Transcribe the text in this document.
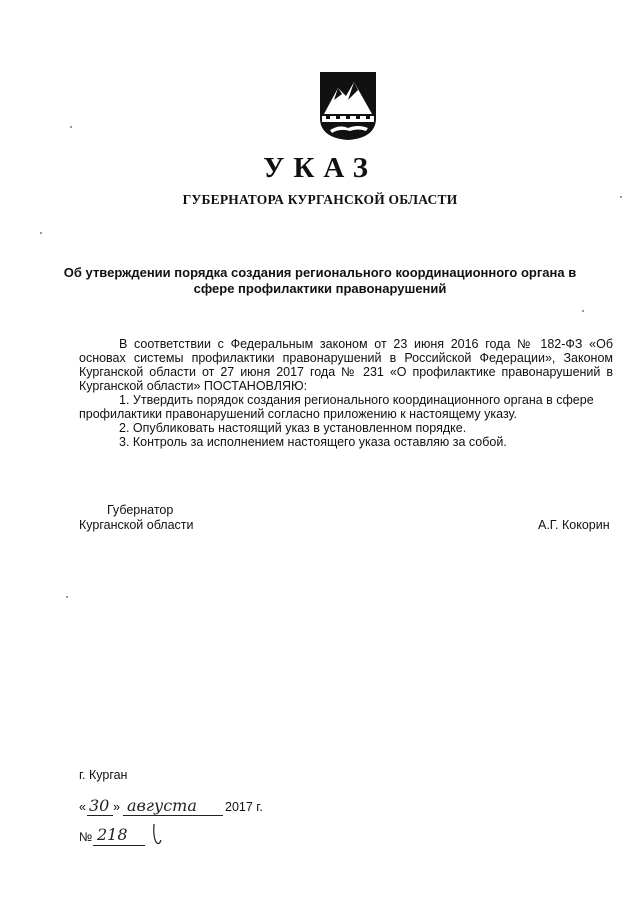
УКАЗ
ГУБЕРНАТОРА КУРГАНСКОЙ ОБЛАСТИ
Об утверждении порядка создания регионального координационного органа в
сфере профилактики правонарушений

В соответствии с Федеральным законом от 23 июня 2016 года № 182-ФЗ «Об основах системы профилактики правонарушений в Российской Федерации», Законом Курганской области от 27 июня 2017 года № 231 «О профилактике правонарушений в Курганской области» ПОСТАНОВЛЯЮ:

1. Утвердить порядок создания регионального координационного органа в сфере профилактики правонарушений согласно приложению к настоящему указу.

2. Опубликовать настоящий указ в установленном порядке.

3. Контроль за исполнением настоящего указа оставляю за собой.

Губернатор
Курганской области	А.Г. Кокорин
г. Курган
« 30 » августа 2017 г.
№ 218
